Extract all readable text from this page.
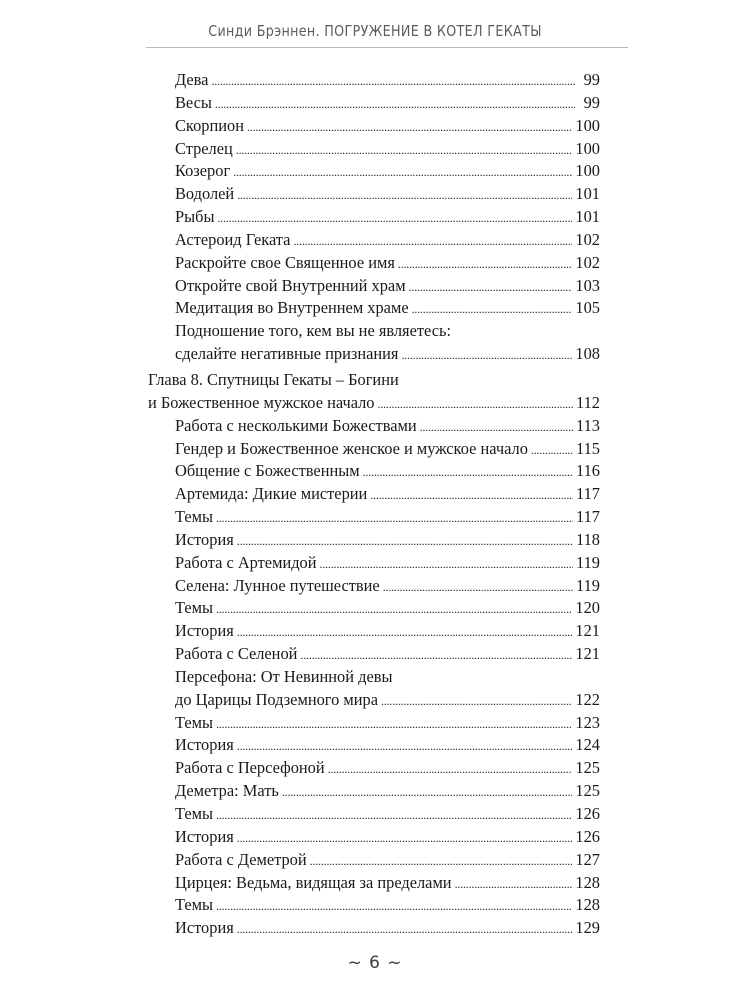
Синди Брэннен. ПОГРУЖЕНИЕ В КОТЕЛ ГЕКАТЫ
Дева . . .	99
Весы . . .	99
Скорпион . . .	100
Стрелец . . .	100
Козерог . . .	100
Водолей . . .	101
Рыбы . . .	101
Астероид Геката . . .	102
Раскройте свое Священное имя . . .	102
Откройте свой Внутренний храм . . .	103
Медитация во Внутреннем храме . . .	105
Подношение того, кем вы не являетесь:
сделайте негативные признания . . .	108
Глава 8. Спутницы Гекаты – Богини
и Божественное мужское начало . . .	112
Работа с несколькими Божествами . . .	113
Гендер и Божественное женское и мужское начало . . .	115
Общение с Божественным . . .	116
Артемида: Дикие мистерии . . .	117
Темы . . .	117
История . . .	118
Работа с Артемидой . . .	119
Селена: Лунное путешествие . . .	119
Темы . . .	120
История . . .	121
Работа с Селеной . . .	121
Персефона: От Невинной девы
до Царицы Подземного мира . . .	122
Темы . . .	123
История . . .	124
Работа с Персефоной . . .	125
Деметра: Мать . . .	125
Темы . . .	126
История . . .	126
Работа с Деметрой . . .	127
Цирцея: Ведьма, видящая за пределами . . .	128
Темы . . .	128
История . . .	129
~ 6 ~
